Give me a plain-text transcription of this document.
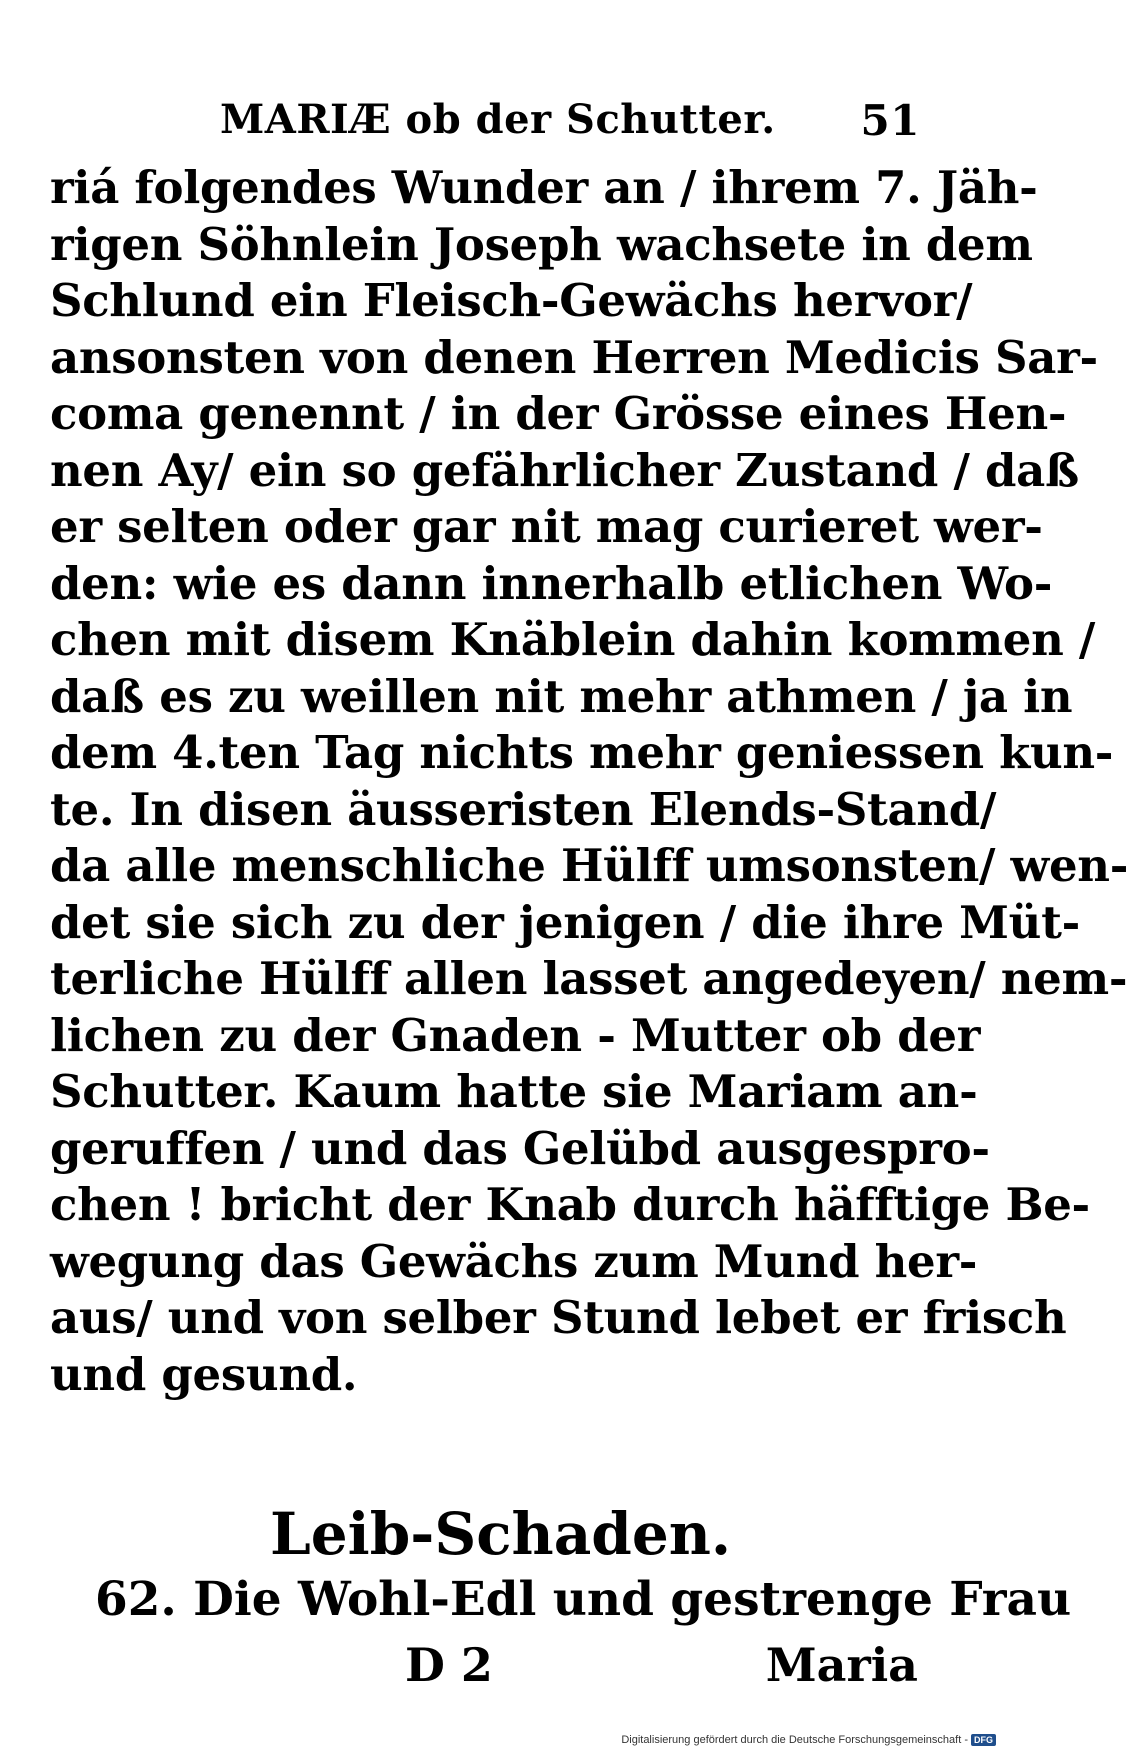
MARIÆ ob der Schutter. 51
riá folgendes Wunder an / ihrem 7. Jäh-
rigen Söhnlein Joseph wachsete in dem
Schlund ein Fleisch-Gewächs hervor/
ansonsten von denen Herren Medicis Sar-
coma genennt / in der Grösse eines Hen-
nen Ay/ ein so gefährlicher Zustand / daß
er selten oder gar nit mag curieret wer-
den: wie es dann innerhalb etlichen Wo-
chen mit disem Knäblein dahin kommen /
daß es zu weillen nit mehr athmen / ja in
dem 4.ten Tag nichts mehr geniessen kun-
te. In disen äusseristen Elends-Stand/
da alle menschliche Hülff umsonsten/ wen-
det sie sich zu der jenigen / die ihre Müt-
terliche Hülff allen lasset angedeyen/ nem-
lichen zu der Gnaden - Mutter ob der
Schutter. Kaum hatte sie Mariam an-
geruffen / und das Gelübd ausgespro-
chen ! bricht der Knab durch häfftige Be-
wegung das Gewächs zum Mund her-
aus/ und von selber Stund lebet er frisch
und gesund.
Leib-Schaden.
62. Die Wohl-Edl und gestrenge Frau
D 2	Maria
Digitalisierung gefördert durch die Deutsche Forschungsgemeinschaft - DFG
